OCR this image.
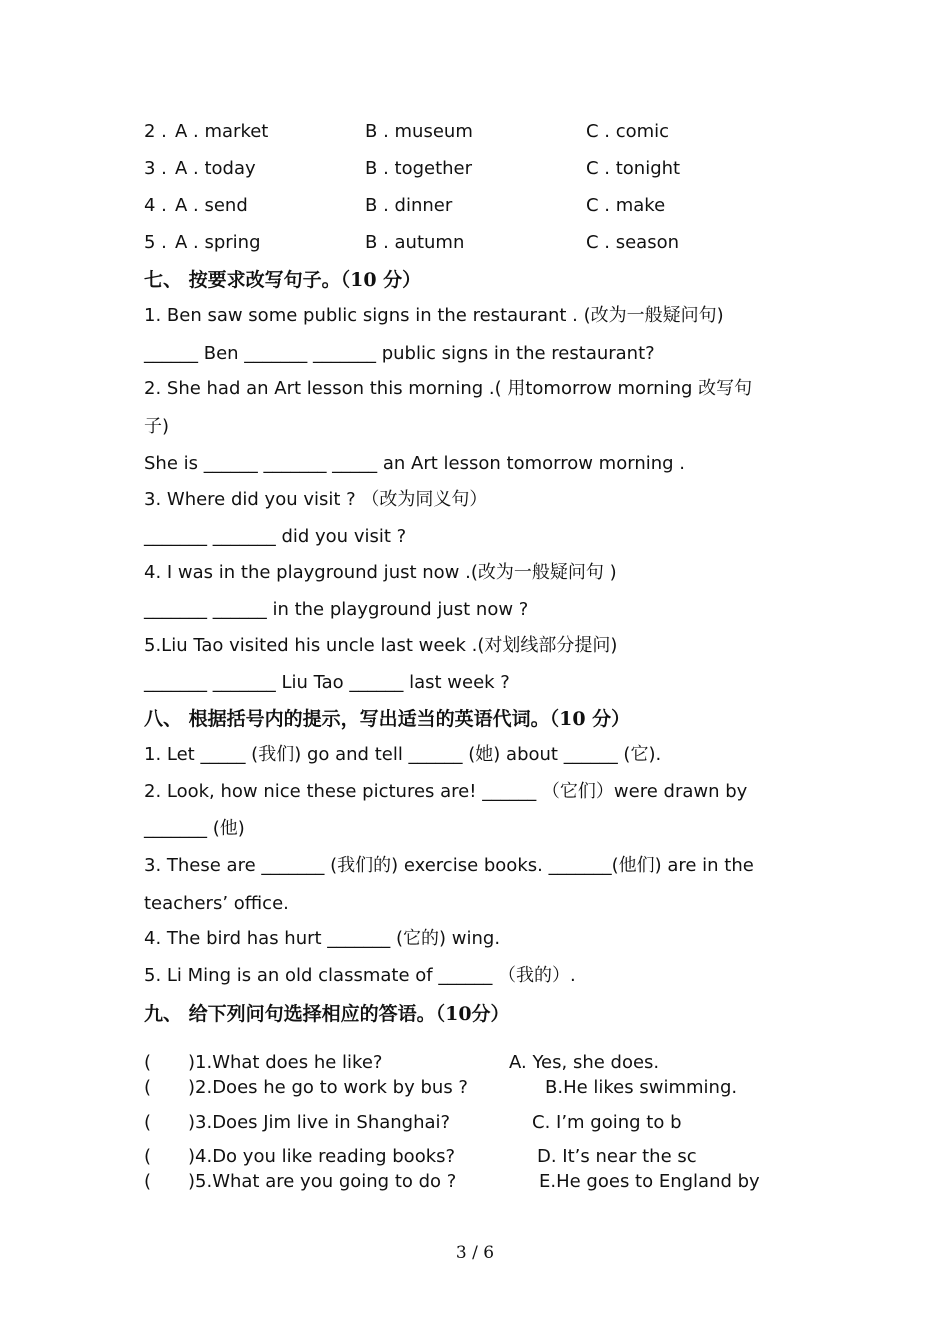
2 . A . market	B . museum	C . comic
3 . A . today	B . together	C . tonight
4 . A . send	B . dinner	C . make
5 . A . spring	B . autumn	C . season
七、 按要求改写句子。（10 分）
1. Ben saw some public signs in the restaurant . (改为一般疑问句)
______ Ben _______ _______ public signs in the restaurant?
2. She had an Art lesson this morning .( 用tomorrow morning 改写句
子)
She is ______ _______ _____ an Art lesson tomorrow morning .
3. Where did you visit ? （改为同义句）
_______ _______ did you visit ?
4. I was in the playground just now .(改为一般疑问句 )
_______ ______ in the playground just now ?
5.Liu Tao visited his uncle last week .(对划线部分提问)
_______ _______ Liu Tao ______ last week ?
八、 根据括号内的提示，写出适当的英语代词。（10 分）
1. Let _____ (我们) go and tell ______ (她) about ______ (它).
2. Look, how nice these pictures are! ______ （它们）were drawn by
_______ (他)
3. These are _______ (我们的) exercise books. _______(他们) are in the
teachers’ office.
4. The bird has hurt _______ (它的) wing.
5. Li Ming is an old classmate of ______ （我的）.
九、 给下列问句选择相应的答语。（10分）
( )1.What does he like?	A. Yes, she does.
( )2.Does he go to work by bus ?	B.He likes swimming.
( )3.Does Jim live in Shanghai?	C. I’m going to b
( )4.Do you like reading books?	D. It’s near the sc
( )5.What are you going to do ?	E.He goes to England by
3 / 6
